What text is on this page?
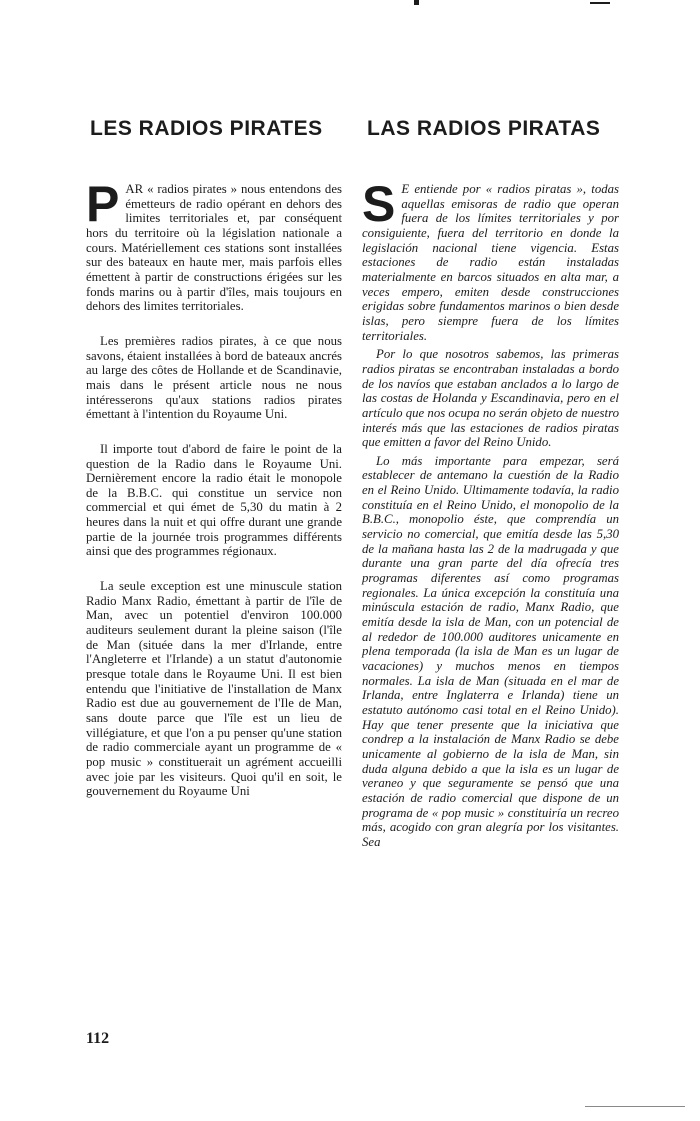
LES RADIOS PIRATES LAS RADIOS PIRATAS

PAR « radios pirates » nous entendons des émetteurs de radio opérant en dehors des limites territoriales et, par conséquent hors du territoire où la législation nationale a cours. Matériellement ces stations sont installées sur des bateaux en haute mer, mais parfois elles émettent à partir de constructions érigées sur les fonds marins ou à partir d'îles, mais toujours en dehors des limites territoriales.

Les premières radios pirates, à ce que nous savons, étaient installées à bord de bateaux ancrés au large des côtes de Hollande et de Scandinavie, mais dans le présent article nous ne nous intéresserons qu'aux stations radios pirates émettant à l'intention du Royaume Uni.

Il importe tout d'abord de faire le point de la question de la Radio dans le Royaume Uni. Dernièrement encore la radio était le monopole de la B.B.C. qui constitue un service non commercial et qui émet de 5,30 du matin à 2 heures dans la nuit et qui offre durant une grande partie de la journée trois programmes différents ainsi que des programmes régionaux.

La seule exception est une minuscule station Radio Manx Radio, émettant à partir de l'île de Man, avec un potentiel d'environ 100.000 auditeurs seulement durant la pleine saison (l'île de Man (située dans la mer d'Irlande, entre l'Angleterre et l'Irlande) a un statut d'autonomie presque totale dans le Royaume Uni. Il est bien entendu que l'initiative de l'installation de Manx Radio est due au gouvernement de l'Ile de Man, sans doute parce que l'île est un lieu de villégiature, et que l'on a pu penser qu'une station de radio commerciale ayant un programme de « pop music » constituerait un agrément accueilli avec joie par les visiteurs. Quoi qu'il en soit, le gouvernement du Royaume Uni

S E entiende por « radios piratas », todas aquellas emisoras de radio que operan fuera de los límites territoriales y por consiguiente, fuera del territorio en donde la legislación nacional tiene vigencia. Estas estaciones de radio están instaladas materialmente en barcos situados en alta mar, a veces empero, emiten desde construcciones erigidas sobre fundamentos marinos o bien desde islas, pero siempre fuera de los límites territoriales.

Por lo que nosotros sabemos, las primeras radios piratas se encontraban instaladas a bordo de los navíos que estaban anclados a lo largo de las costas de Holanda y Escandinavia, pero en el artículo que nos ocupa no serán objeto de nuestro interés más que las estaciones de radios piratas que emitten a favor del Reino Unido.

Lo más importante para empezar, será establecer de antemano la cuestión de la Radio en el Reino Unido. Ultimamente todavía, la radio constituía en el Reino Unido, el monopolio de la B.B.C., monopolio éste, que comprendía un servicio no comercial, que emitía desde las 5,30 de la mañana hasta las 2 de la madrugada y que durante una gran parte del día ofrecía tres programas diferentes así como programas regionales. La única excepción la constituía una minúscula estación de radio, Manx Radio, que emitía desde la isla de Man, con un potencial de al rededor de 100.000 auditores unicamente en plena temporada (la isla de Man es un lugar de vacaciones) y muchos menos en tiempos normales. La isla de Man (situada en el mar de Irlanda, entre Inglaterra e Irlanda) tiene un estatuto autónomo casi total en el Reino Unido). Hay que tener presente que la iniciativa que condrep a la instalación de Manx Radio se debe unicamente al gobierno de la isla de Man, sin duda alguna debido a que la isla es un lugar de veraneo y que seguramente se pensó que una estación de radio comercial que dispone de un programa de « pop music » constituiría un recreo más, acogido con gran alegría por los visitantes. Sea

112
